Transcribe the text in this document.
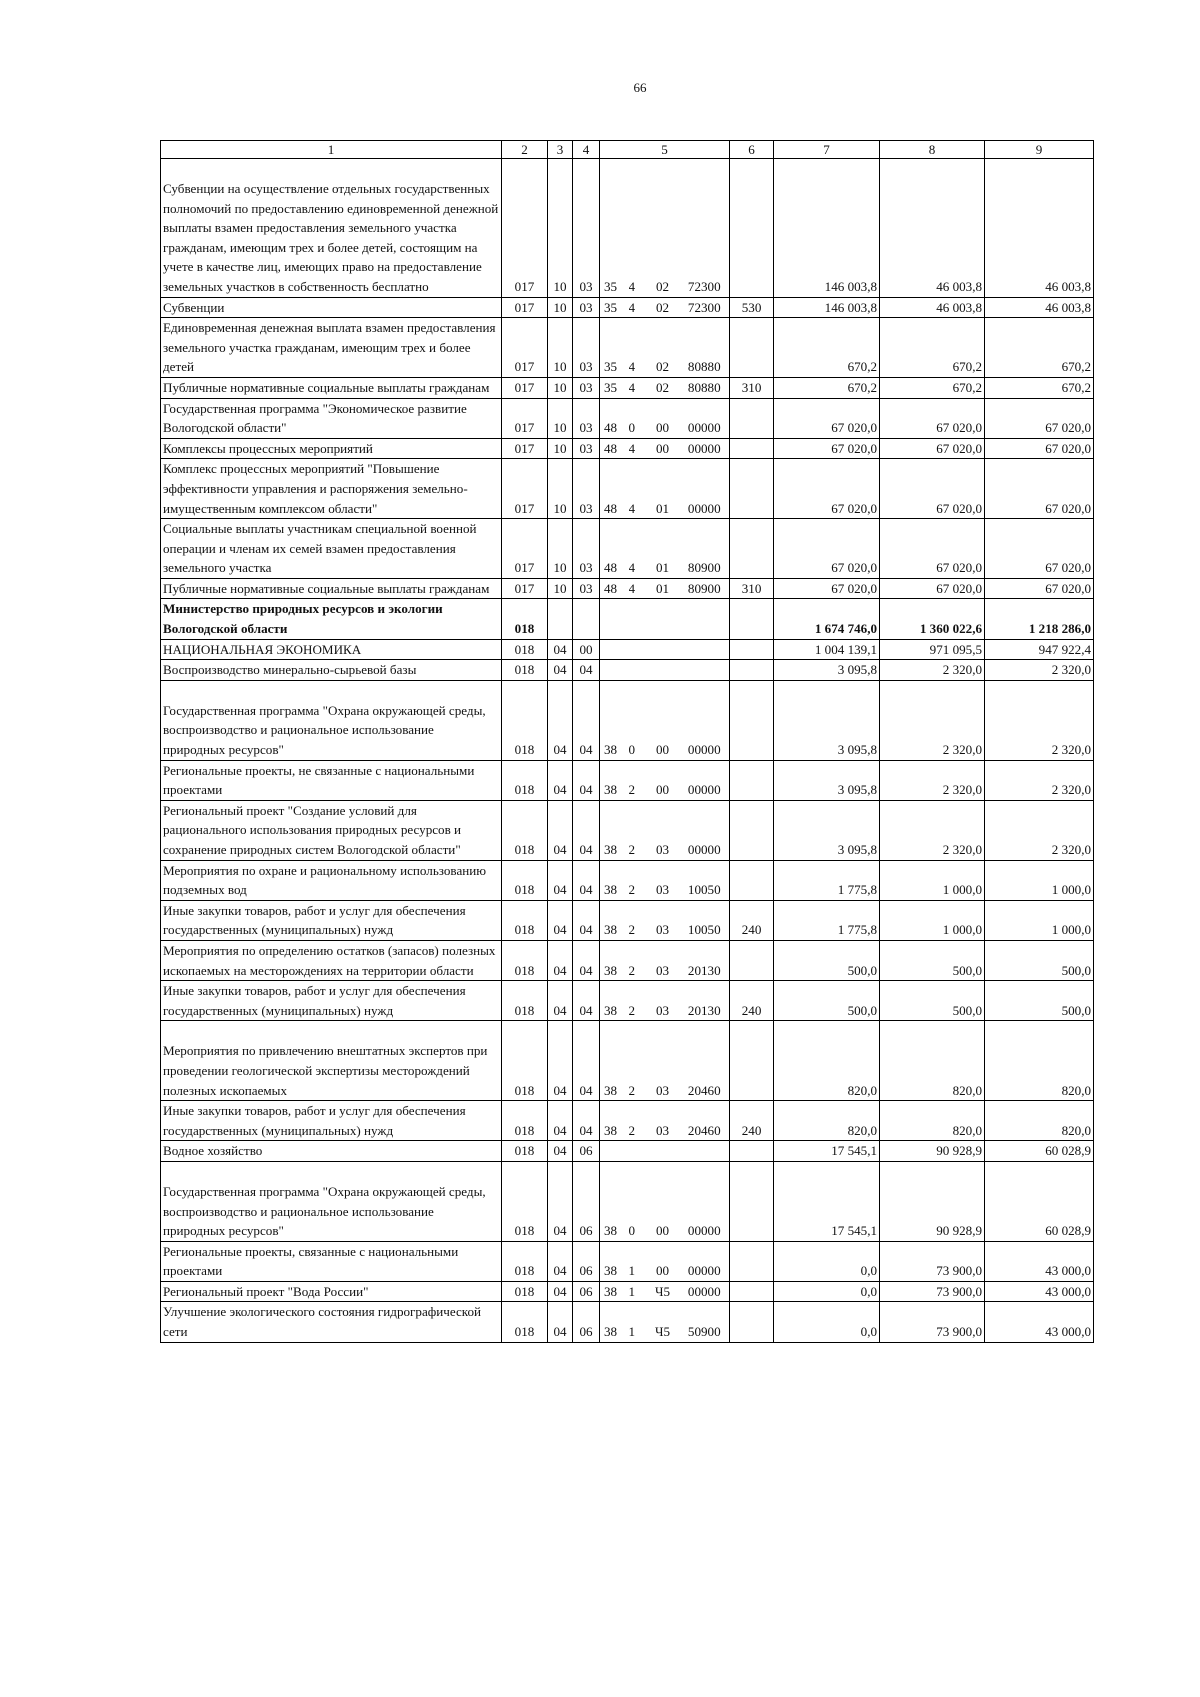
66
1	2	3	4	5				6	7	8	9
Субвенции на осуществление отдельных государственных полномочий по предоставлению единовременной денежной выплаты взамен предоставления земельного участка гражданам, имеющим трех и более детей, состоящим на учете в качестве лиц, имеющих право на предоставление земельных участков в собственность бесплатно	017	10	03	35	4	02	72300		146 003,8	46 003,8	46 003,8
Субвенции	017	10	03	35	4	02	72300	530	146 003,8	46 003,8	46 003,8
Единовременная денежная выплата взамен предоставления земельного участка гражданам, имеющим трех и более детей	017	10	03	35	4	02	80880		670,2	670,2	670,2
Публичные нормативные социальные выплаты гражданам	017	10	03	35	4	02	80880	310	670,2	670,2	670,2
Государственная программа "Экономическое развитие Вологодской области"	017	10	03	48	0	00	00000		67 020,0	67 020,0	67 020,0
Комплексы процессных мероприятий	017	10	03	48	4	00	00000		67 020,0	67 020,0	67 020,0
Комплекс процессных мероприятий "Повышение эффективности управления и распоряжения земельно-имущественным комплексом области"	017	10	03	48	4	01	00000		67 020,0	67 020,0	67 020,0
Социальные выплаты участникам специальной военной операции и членам их семей взамен предоставления земельного участка	017	10	03	48	4	01	80900		67 020,0	67 020,0	67 020,0
Публичные нормативные социальные выплаты гражданам	017	10	03	48	4	01	80900	310	67 020,0	67 020,0	67 020,0
Министерство природных ресурсов и экологии Вологодской области	018								1 674 746,0	1 360 022,6	1 218 286,0
НАЦИОНАЛЬНАЯ ЭКОНОМИКА	018	04	00						1 004 139,1	971 095,5	947 922,4
Воспроизводство минерально-сырьевой базы	018	04	04						3 095,8	2 320,0	2 320,0
Государственная программа "Охрана окружающей среды, воспроизводство и рациональное использование природных ресурсов"	018	04	04	38	0	00	00000		3 095,8	2 320,0	2 320,0
Региональные проекты, не связанные с национальными проектами	018	04	04	38	2	00	00000		3 095,8	2 320,0	2 320,0
Региональный проект "Создание условий для рационального использования природных ресурсов и сохранение природных систем Вологодской области"	018	04	04	38	2	03	00000		3 095,8	2 320,0	2 320,0
Мероприятия по охране и рациональному использованию подземных вод	018	04	04	38	2	03	10050		1 775,8	1 000,0	1 000,0
Иные закупки товаров, работ и услуг для обеспечения государственных (муниципальных) нужд	018	04	04	38	2	03	10050	240	1 775,8	1 000,0	1 000,0
Мероприятия по определению остатков (запасов) полезных ископаемых на месторождениях на территории области	018	04	04	38	2	03	20130		500,0	500,0	500,0
Иные закупки товаров, работ и услуг для обеспечения государственных (муниципальных) нужд	018	04	04	38	2	03	20130	240	500,0	500,0	500,0
Мероприятия по привлечению внештатных экспертов при проведении геологической экспертизы месторождений полезных ископаемых	018	04	04	38	2	03	20460		820,0	820,0	820,0
Иные закупки товаров, работ и услуг для обеспечения государственных (муниципальных) нужд	018	04	04	38	2	03	20460	240	820,0	820,0	820,0
Водное хозяйство	018	04	06						17 545,1	90 928,9	60 028,9
Государственная программа "Охрана окружающей среды, воспроизводство и рациональное использование природных ресурсов"	018	04	06	38	0	00	00000		17 545,1	90 928,9	60 028,9
Региональные проекты, связанные с национальными проектами	018	04	06	38	1	00	00000		0,0	73 900,0	43 000,0
Региональный проект "Вода России"	018	04	06	38	1	Ч5	00000		0,0	73 900,0	43 000,0
Улучшение экологического состояния гидрографической сети	018	04	06	38	1	Ч5	50900		0,0	73 900,0	43 000,0
